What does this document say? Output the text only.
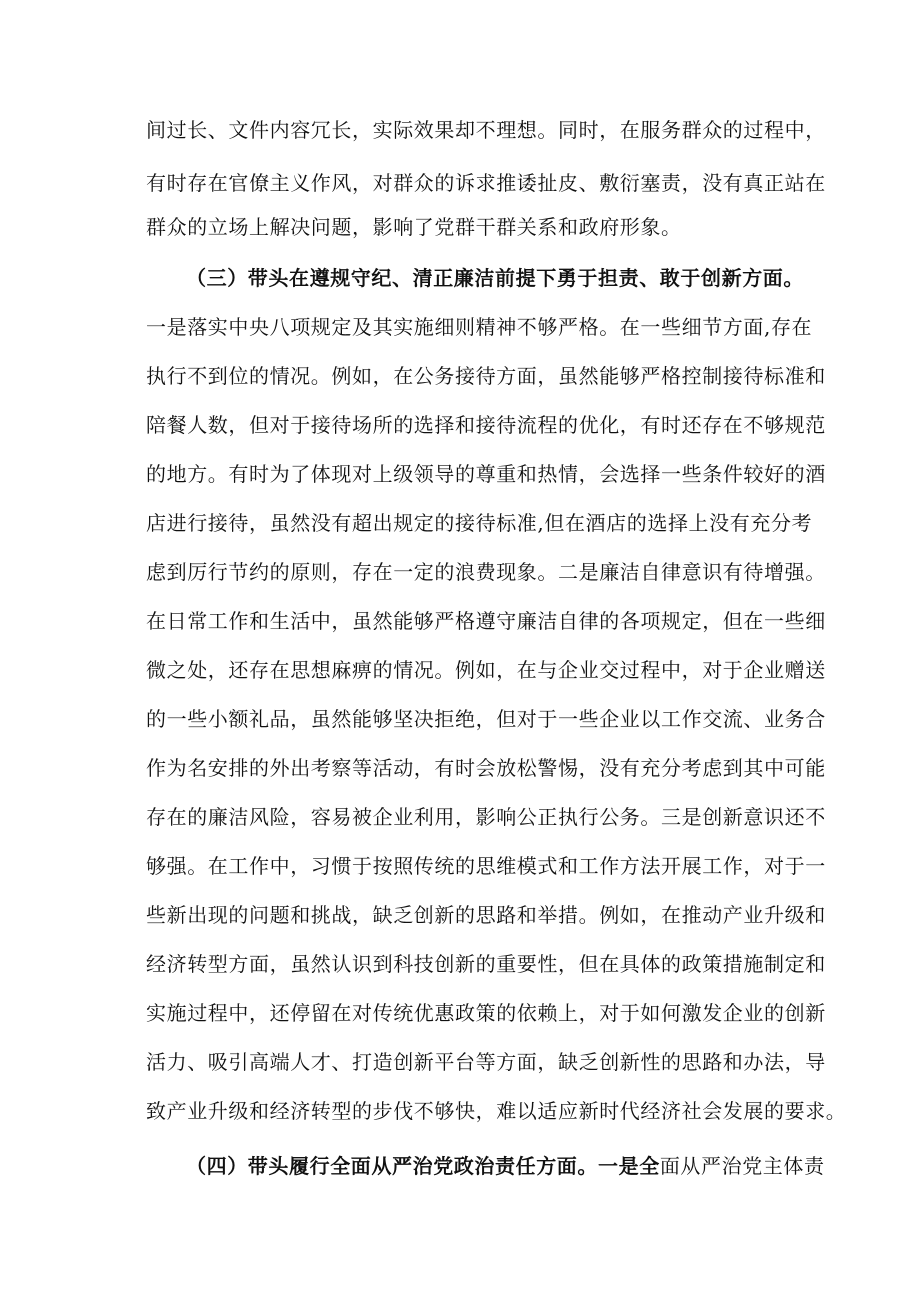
间过长、文件内容冗长，实际效果却不理想。同时，在服务群众的过程中，
有时存在官僚主义作风，对群众的诉求推诿扯皮、敷衍塞责，没有真正站在
群众的立场上解决问题，影响了党群干群关系和政府形象。
（三）带头在遵规守纪、清正廉洁前提下勇于担责、敢于创新方面。
一是落实中央八项规定及其实施细则精神不够严格。在一些细节方面,存在
执行不到位的情况。例如，在公务接待方面，虽然能够严格控制接待标准和
陪餐人数，但对于接待场所的选择和接待流程的优化，有时还存在不够规范
的地方。有时为了体现对上级领导的尊重和热情，会选择一些条件较好的酒
店进行接待，虽然没有超出规定的接待标准,但在酒店的选择上没有充分考
虑到厉行节约的原则，存在一定的浪费现象。二是廉洁自律意识有待增强。
在日常工作和生活中，虽然能够严格遵守廉洁自律的各项规定，但在一些细
微之处，还存在思想麻痹的情况。例如，在与企业交过程中，对于企业赠送
的一些小额礼品，虽然能够坚决拒绝，但对于一些企业以工作交流、业务合
作为名安排的外出考察等活动，有时会放松警惕，没有充分考虑到其中可能
存在的廉洁风险，容易被企业利用，影响公正执行公务。三是创新意识还不
够强。在工作中，习惯于按照传统的思维模式和工作方法开展工作，对于一
些新出现的问题和挑战，缺乏创新的思路和举措。例如，在推动产业升级和
经济转型方面，虽然认识到科技创新的重要性，但在具体的政策措施制定和
实施过程中，还停留在对传统优惠政策的依赖上，对于如何激发企业的创新
活力、吸引高端人才、打造创新平台等方面，缺乏创新性的思路和办法，导
致产业升级和经济转型的步伐不够快，难以适应新时代经济社会发展的要求。
（四）带头履行全面从严治党政治责任方面。一是全面从严治党主体责
